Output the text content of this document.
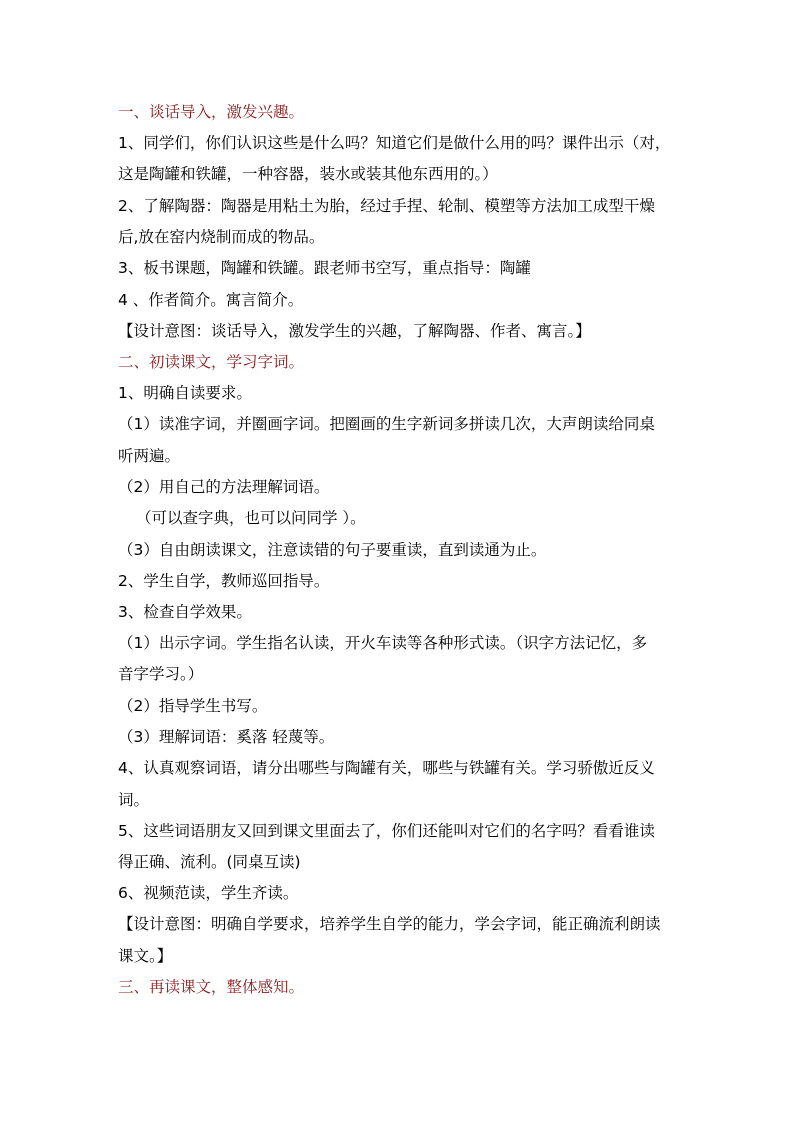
一、谈话导入，激发兴趣。
1、同学们，你们认识这些是什么吗？知道它们是做什么用的吗？课件出示（对，
这是陶罐和铁罐，一种容器，装水或装其他东西用的。）
2、了解陶器：陶器是用粘土为胎，经过手捏、轮制、模塑等方法加工成型干燥
后,放在窑内烧制而成的物品。
3、板书课题，陶罐和铁罐。跟老师书空写，重点指导：陶罐
4 、作者简介。寓言简介。
【设计意图：谈话导入，激发学生的兴趣，了解陶器、作者、寓言。】
二、初读课文，学习字词。
1、明确自读要求。
（1）读准字词，并圈画字词。把圈画的生字新词多拼读几次，大声朗读给同桌
听两遍。
（2）用自己的方法理解词语。
（可以查字典，也可以问同学 ）。
（3）自由朗读课文，注意读错的句子要重读，直到读通为止。
2、学生自学，教师巡回指导。
3、检查自学效果。
（1）出示字词。学生指名认读，开火车读等各种形式读。（识字方法记忆，多
音字学习。）
（2）指导学生书写。
（3）理解词语：奚落 轻蔑等。
4、认真观察词语，请分出哪些与陶罐有关，哪些与铁罐有关。学习骄傲近反义
词。
5、这些词语朋友又回到课文里面去了，你们还能叫对它们的名字吗？看看谁读
得正确、流利。(同桌互读)
6、视频范读，学生齐读。
【设计意图：明确自学要求，培养学生自学的能力，学会字词，能正确流利朗读
课文。】
三、再读课文，整体感知。
